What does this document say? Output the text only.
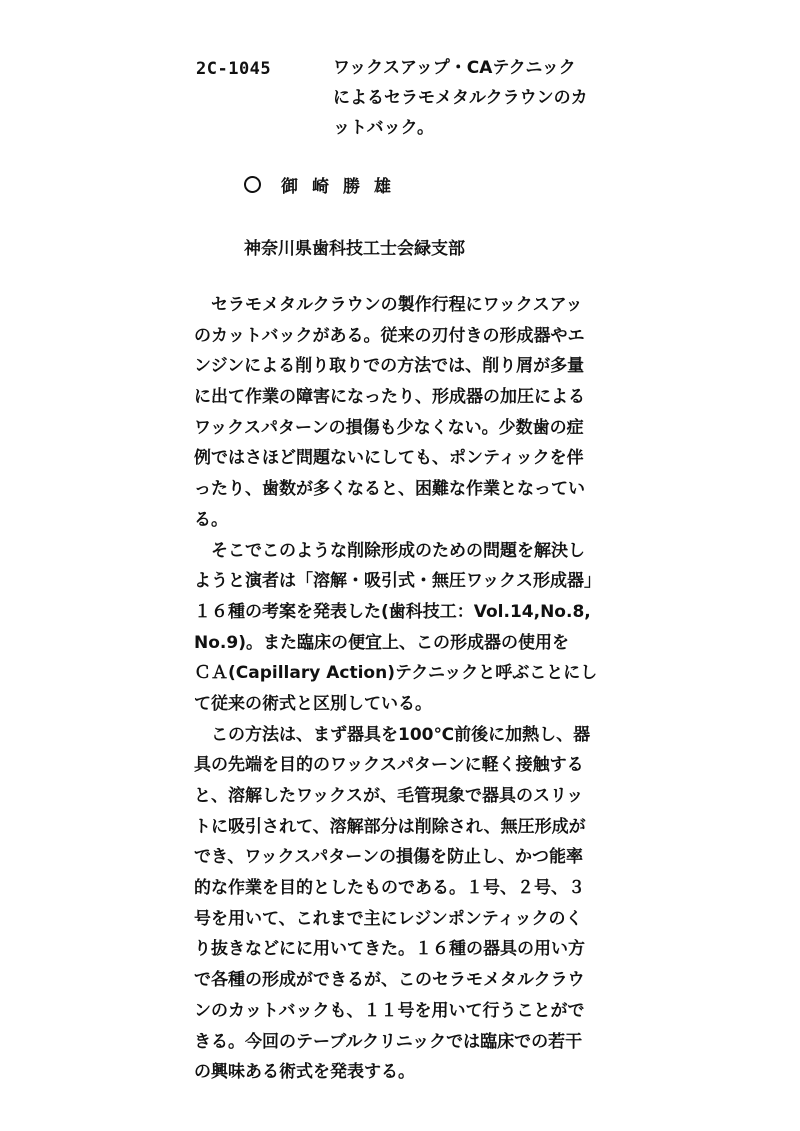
2C-1045	ワックスアップ・CAテクニック
によるセラモメタルクラウンのカ
ットバック。
御崎勝雄
神奈川県歯科技工士会緑支部
　セラモメタルクラウンの製作行程にワックスアッ
のカットバックがある。従来の刃付きの形成器やエ
ンジンによる削り取りでの方法では、削り屑が多量
に出て作業の障害になったり、形成器の加圧による
ワックスパターンの損傷も少なくない。少数歯の症
例ではさほど問題ないにしても、ポンティックを伴
ったり、歯数が多くなると、困難な作業となってい
る。
　そこでこのような削除形成のための問題を解決し
ようと演者は「溶解・吸引式・無圧ワックス形成器」
１６種の考案を発表した(歯科技工：Vol.14,No.8,
No.9)。また臨床の便宜上、この形成器の使用を
ＣＡ(Capillary Action)テクニックと呼ぶことにし
て従来の術式と区別している。
　この方法は、まず器具を100℃前後に加熱し、器
具の先端を目的のワックスパターンに軽く接触する
と、溶解したワックスが、毛管現象で器具のスリッ
トに吸引されて、溶解部分は削除され、無圧形成が
でき、ワックスパターンの損傷を防止し、かつ能率
的な作業を目的としたものである。１号、２号、３
号を用いて、これまで主にレジンポンティックのく
り抜きなどにに用いてきた。１６種の器具の用い方
で各種の形成ができるが、このセラモメタルクラウ
ンのカットバックも、１１号を用いて行うことがで
きる。今回のテーブルクリニックでは臨床での若干
の興味ある術式を発表する。
